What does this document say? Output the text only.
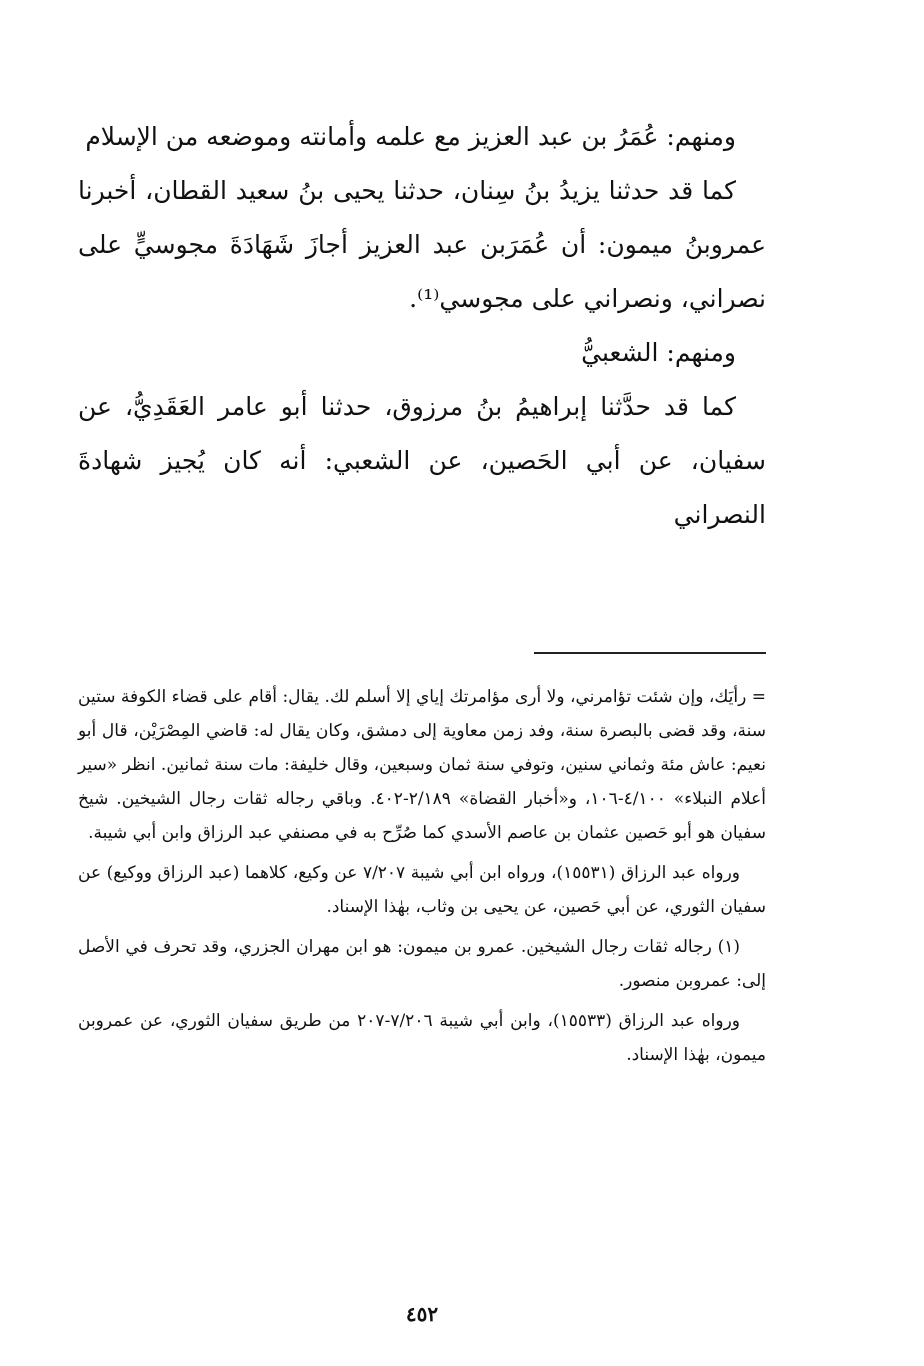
ومنهم: عُمَرُ بن عبد العزيز مع علمه وأمانته وموضعه من الإسلام

كما قد حدثنا يزيدُ بنُ سِنان، حدثنا يحيى بنُ سعيد القطان، أخبرنا عمروبنُ ميمون: أن عُمَرَبن عبد العزيز أجازَ شَهَادَةَ مجوسيٍّ على نصراني، ونصراني على مجوسي⁽¹⁾.

ومنهم: الشعبيُّ

كما قد حدَّثنا إبراهيمُ بنُ مرزوق، حدثنا أبو عامر العَقَدِيُّ، عن سفيان، عن أبي الحَصين، عن الشعبي: أنه كان يُجيز شهادةَ النصراني

= رأيَك، وإن شئت تؤامرني، ولا أرى مؤامرتك إياي إلا أسلم لك. يقال: أقام على قضاء الكوفة ستين سنة، وقد قضى بالبصرة سنة، وفد زمن معاوية إلى دمشق، وكان يقال له: قاضي المِصْرَيْن، قال أبو نعيم: عاش مئة وثماني سنين، وتوفي سنة ثمان وسبعين، وقال خليفة: مات سنة ثمانين. انظر «سير أعلام النبلاء» ٤/١٠٠-١٠٦، و«أخبار القضاة» ٢/١٨٩-٤٠٢. وباقي رجاله ثقات رجال الشيخين. شيخ سفيان هو أبو حَصين عثمان بن عاصم الأسدي كما صُرِّح به في مصنفي عبد الرزاق وابن أبي شيبة.

ورواه عبد الرزاق (١٥٥٣١)، ورواه ابن أبي شيبة ٧/٢٠٧ عن وكيع، كلاهما (عبد الرزاق ووكيع) عن سفيان الثوري، عن أبي حَصين، عن يحيى بن وثاب، بهٰذا الإسناد.

(١) رجاله ثقات رجال الشيخين. عمرو بن ميمون: هو ابن مهران الجزري، وقد تحرف في الأصل إلى: عمروبن منصور.

ورواه عبد الرزاق (١٥٥٣٣)، وابن أبي شيبة ٧/٢٠٦-٢٠٧ من طريق سفيان الثوري، عن عمروبن ميمون، بهٰذا الإسناد.

٤٥٢
